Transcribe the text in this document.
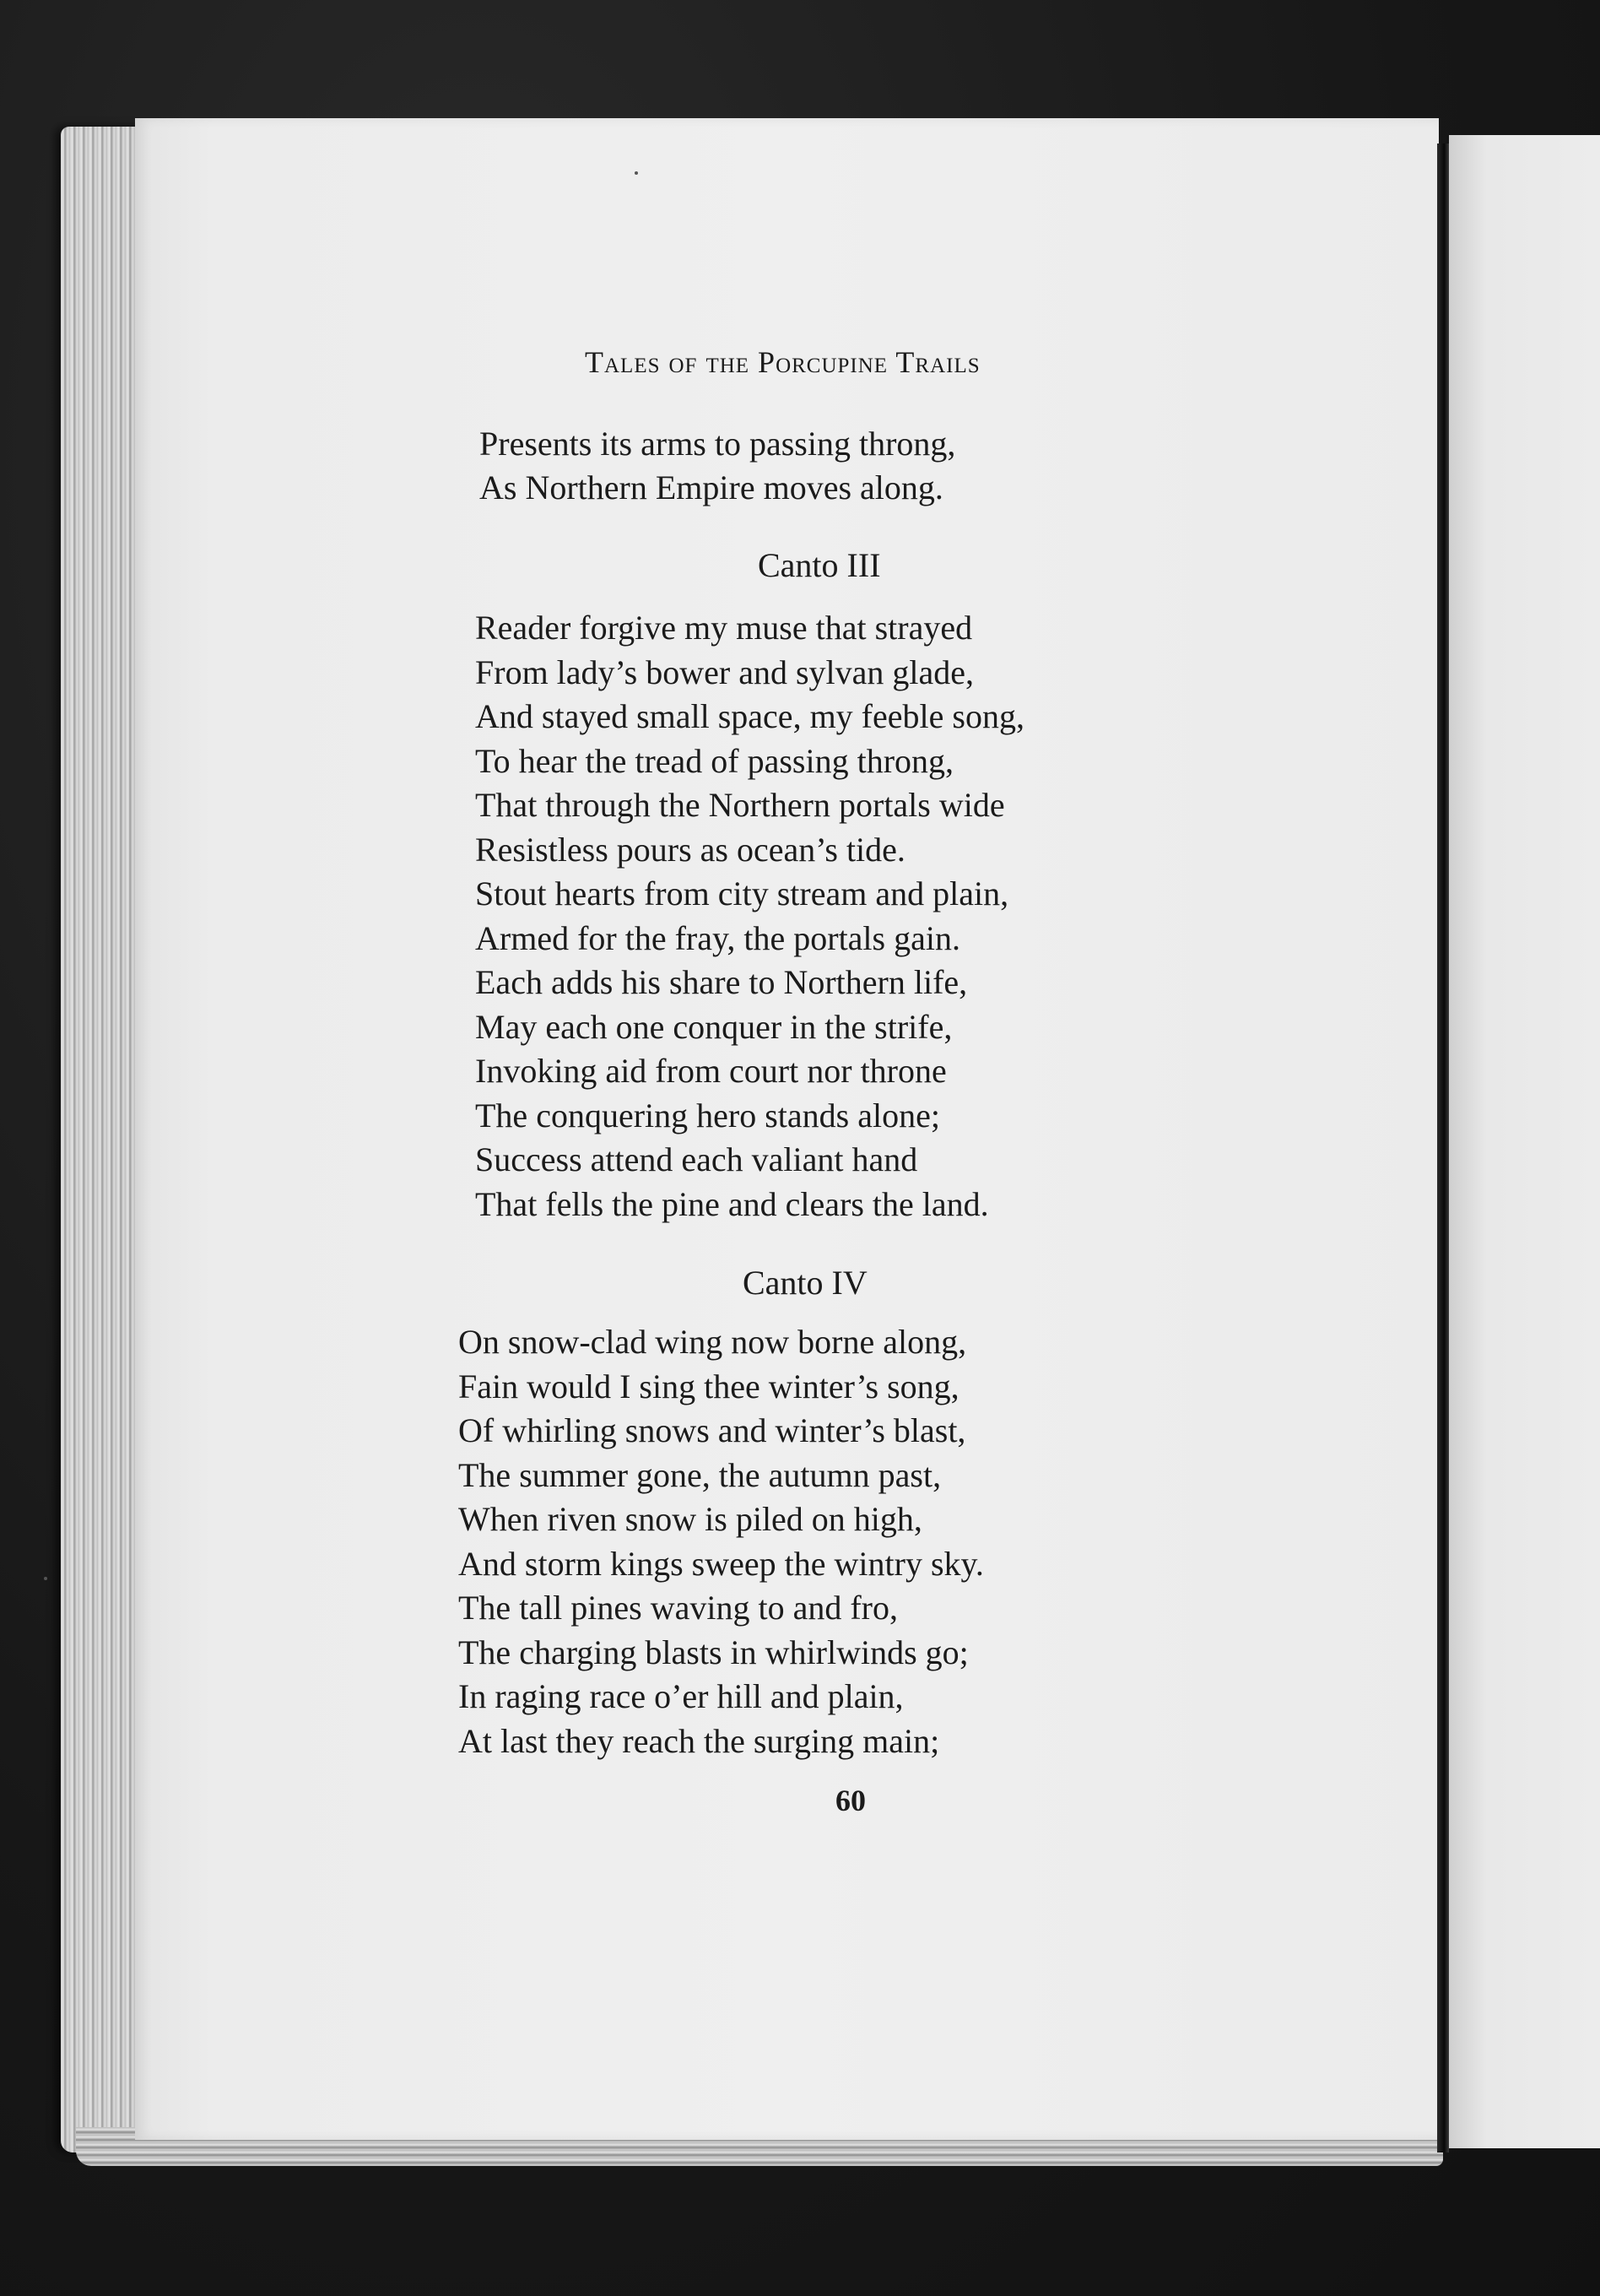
Tales of the Porcupine Trails
Presents its arms to passing throng,
As Northern Empire moves along.
Canto III
Reader forgive my muse that strayed
From lady’s bower and sylvan glade,
And stayed small space, my feeble song,
To hear the tread of passing throng,
That through the Northern portals wide
Resistless pours as ocean’s tide.
Stout hearts from city stream and plain,
Armed for the fray, the portals gain.
Each adds his share to Northern life,
May each one conquer in the strife,
Invoking aid from court nor throne
The conquering hero stands alone;
Success attend each valiant hand
That fells the pine and clears the land.
Canto IV
On snow-clad wing now borne along,
Fain would I sing thee winter’s song,
Of whirling snows and winter’s blast,
The summer gone, the autumn past,
When riven snow is piled on high,
And storm kings sweep the wintry sky.
The tall pines waving to and fro,
The charging blasts in whirlwinds go;
In raging race o’er hill and plain,
At last they reach the surging main;
60
